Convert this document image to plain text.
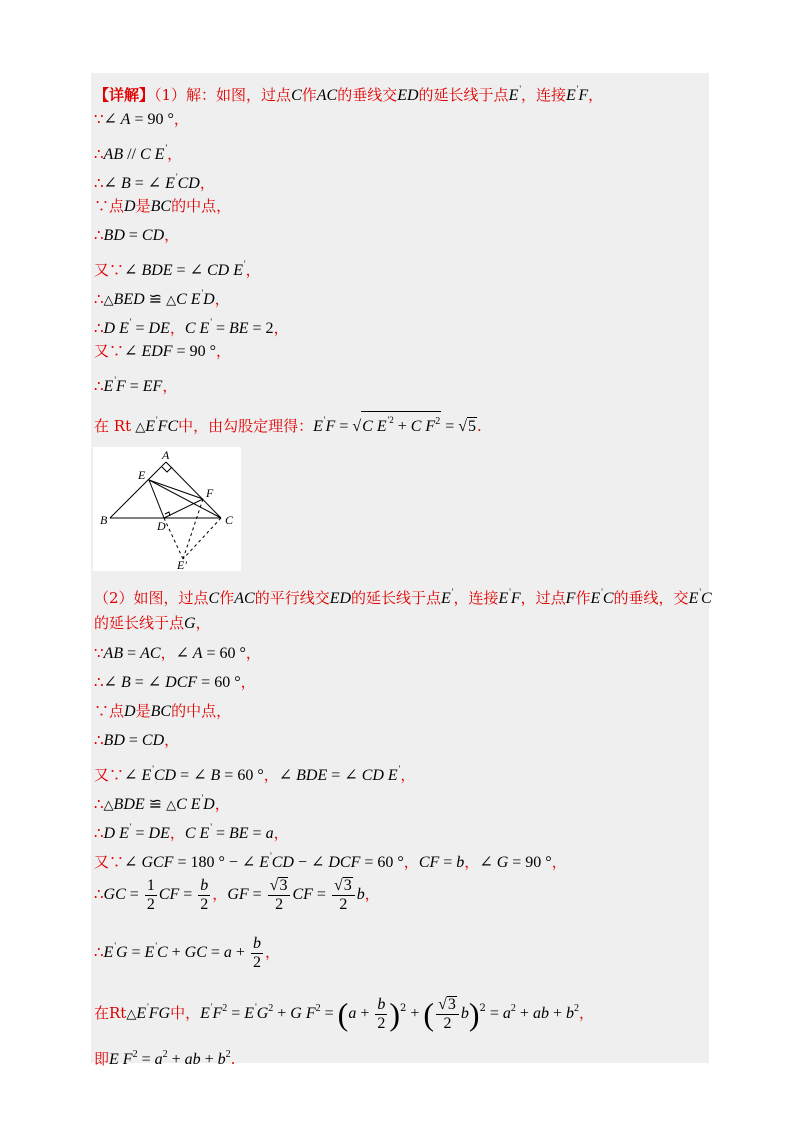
【详解】（1）解：如图，过点C作AC的垂线交ED的延长线于点E'，连接E'F，
∵∠ A = 90 °，
∴AB // C E'，
∴∠ B = ∠ E'CD，
∵点D是BC的中点，
∴BD = CD，
又∵∠ BDE = ∠ CD E'，
∴△BED ≌ △C E'D，
∴D E' = DE，C E' = BE = 2，
又∵∠ EDF = 90 °，
∴E'F = EF，
在 Rt △E'FC中，由勾股定理得：E'F = √C $E^{'2} + C$ $F^2 = √5$.
A
E
F
B	D	C
E'
（2）如图，过点C作AC的平行线交ED的延长线于点E'，连接E'F，过点F作E'C的垂线，交E'C
的延长线于点G，
∵AB = AC，∠ A = 60 °，
∴∠ B = ∠ DCF = 60 °，
∵点D是BC的中点，
∴BD = CD，
又∵∠ E'CD = ∠ B = 60 °，∠ BDE = ∠ CD E'，
∴△BDE ≌ △C E'D，
∴D E' = DE，C E' = BE = a，
又∵∠ GCF = 180 ° − ∠ E'CD − ∠ DCF = 60 °，CF = b，∠ G = 90 °，
∴GC = $\frac{1}{2}$ CF = $\frac{b}{2}$ ，GF = $\frac{√3}{2}$ CF = $\frac{√3}{2}$ b，
∴E'G = E'C + GC = $a + \frac{b}{2}$ ，
在Rt△E'FG中，$E'F^2 = E'G^2 + G$ $F^2 = (a + \frac{b}{2} )^2$ + ( $\frac{√3}{2} b)^2 = a^2$ + ab + $b^2$，
即E $F^2 = a^2$ + ab + $b^2$.
